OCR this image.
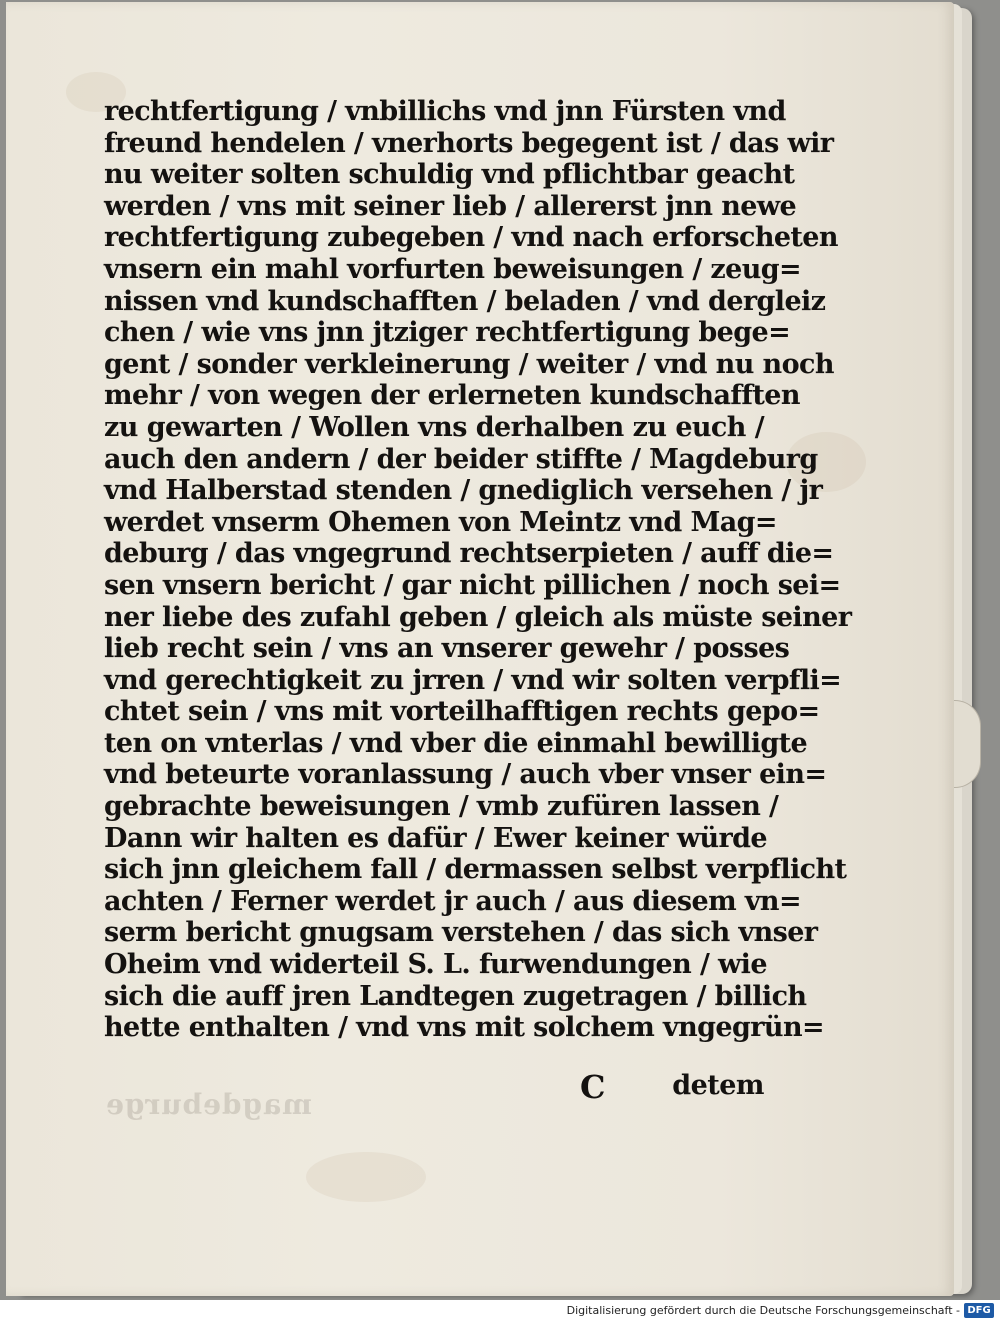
magdeburge
rechtfertigung / vnbillichs vnd jnn Fürsten vnd
freund hendelen / vnerhorts begegent ist / das wir
nu weiter solten schuldig vnd pflichtbar geacht
werden / vns mit seiner lieb / allererst jnn newe
rechtfertigung zubegeben / vnd nach erforscheten
vnsern ein mahl vorfurten beweisungen / zeug=
nissen vnd kundschafften / beladen / vnd dergleiz
chen / wie vns jnn jtziger rechtfertigung bege=
gent / sonder verkleinerung / weiter / vnd nu noch
mehr / von wegen der erlerneten kundschafften
zu gewarten / Wollen vns derhalben zu euch /
auch den andern / der beider stiffte / Magdeburg
vnd Halberstad stenden / gnediglich versehen / jr
werdet vnserm Ohemen von Meintz vnd Mag=
deburg / das vngegrund rechtserpieten / auff die=
sen vnsern bericht / gar nicht pillichen / noch sei=
ner liebe des zufahl geben / gleich als müste seiner
lieb recht sein / vns an vnserer gewehr / posses
vnd gerechtigkeit zu jrren / vnd wir solten verpfli=
chtet sein / vns mit vorteilhafftigen rechts gepo=
ten on vnterlas / vnd vber die einmahl bewilligte
vnd beteurte voranlassung / auch vber vnser ein=
gebrachte beweisungen / vmb zufüren lassen /
Dann wir halten es dafür / Ewer keiner würde
sich jnn gleichem fall / dermassen selbst verpflicht
achten / Ferner werdet jr auch / aus diesem vn=
serm bericht gnugsam verstehen / das sich vnser
Oheim vnd widerteil S. L. furwendungen / wie
sich die auff jren Landtegen zugetragen / billich
hette enthalten / vnd vns mit solchem vngegrün=
C detem
Digitalisierung gefördert durch die Deutsche Forschungsgemeinschaft - DFG
